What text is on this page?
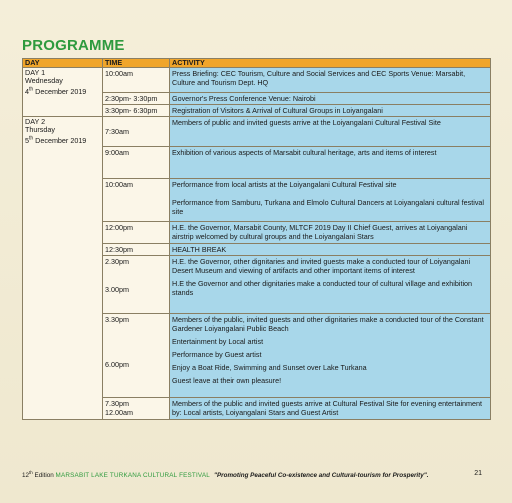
PROGRAMME
DAY	TIME	ACTIVITY
DAY 1
Wednesday
4th December 2019	10:00am	Press Briefing: CEC Tourism, Culture and Social Services and CEC Sports Venue: Marsabit, Culture and Tourism Dept. HQ
	2:30pm- 3:30pm	Governor's Press Conference Venue: Nairobi
	3:30pm- 6:30pm	Registration of Visitors & Arrival of Cultural Groups in Loiyangalani
DAY 2
Thursday
5th December 2019	7:30am	Members of public and invited guests arrive at the Loiyangalani Cultural Festival Site
	9:00am	Exhibition of various aspects of Marsabit cultural heritage, arts and items of interest
	10:00am	Performance from local artists at the Loiyangalani Cultural Festival site
Performance from Samburu, Turkana and Elmolo Cultural Dancers at Loiyangalani cultural festival site
	12:00pm	H.E. the Governor, Marsabit County, MLTCF 2019 Day II Chief Guest, arrives at Loiyangalani airstrip welcomed by cultural groups and the Loiyangalani Stars
	12:30pm	HEALTH BREAK
	2.30pm
3.00pm	H.E. the Governor, other dignitaries and invited guests make a conducted tour of Loiyangalani Desert Museum and viewing of artifacts and other important items of interest
H.E the Governor and other dignitaries make a conducted tour of cultural village and exhibition stands
	3.30pm
6.00pm	Members of the public, invited guests and other dignitaries make a conducted tour of the Constant Gardener Loiyangalani Public Beach
Entertainment by Local artist
Performance by Guest artist
Enjoy a Boat Ride, Swimming and Sunset over Lake Turkana
Guest leave at their own pleasure!
	7.30pm
12.00am	Members of the public and invited guests arrive at Cultural Festival Site for evening entertainment by: Local artists, Loiyangalani Stars and Guest Artist
12th Edition MARSABIT LAKE TURKANA CULTURAL FESTIVAL "Promoting Peaceful Co-existence and Cultural-tourism for Prosperity".	21
